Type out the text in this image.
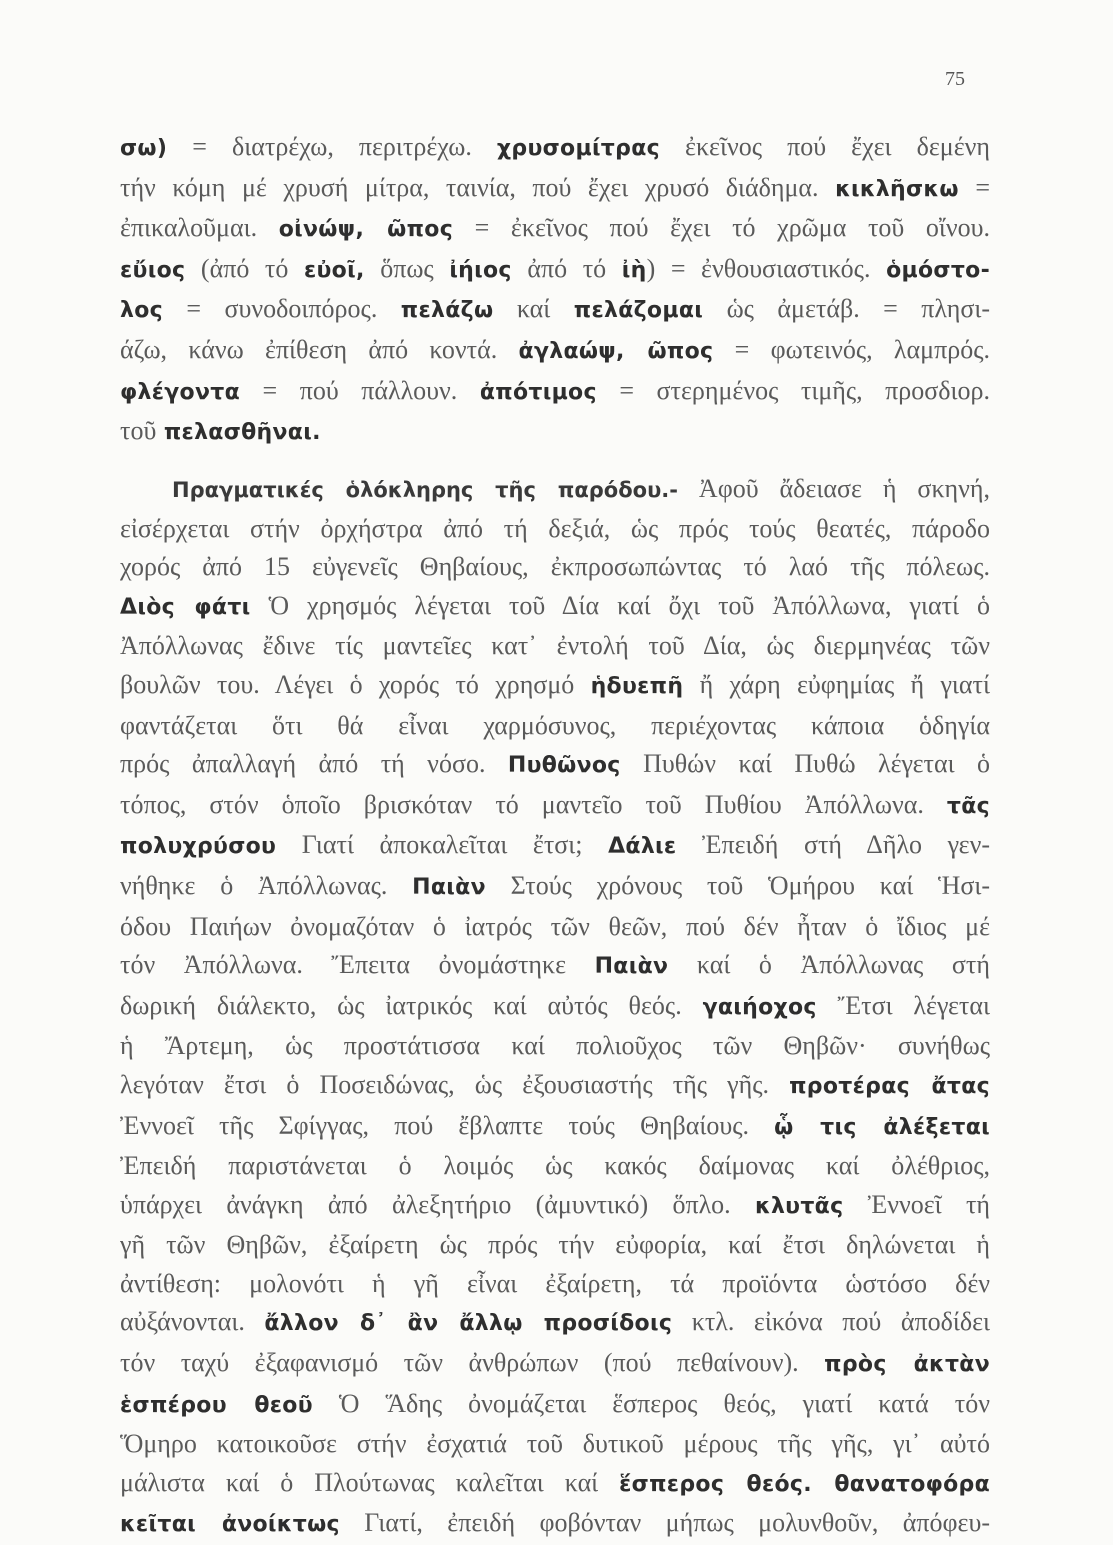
75
σω) = διατρέχω, περιτρέχω. χρυσομίτρας ἐκεῖνος πού ἔχει δεμένη
τήν κόμη μέ χρυσή μίτρα, ταινία, πού ἔχει χρυσό διάδημα. κικλῆσκω =
ἐπικαλοῦμαι. οἰνώψ, ῶπος = ἐκεῖνος πού ἔχει τό χρῶμα τοῦ οἴνου.
εὔιος (ἀπό τό εὐοῖ, ὅπως ἰήιος ἀπό τό ἰὴ) = ἐνθουσιαστικός. ὁμόστο-
λος = συνοδοιπόρος. πελάζω καί πελάζομαι ὡς ἀμετάβ. = πλησι-
άζω, κάνω ἐπίθεση ἀπό κοντά. ἀγλαώψ, ῶπος = φωτεινός, λαμπρός.
φλέγοντα = πού πάλλουν. ἀπότιμος = στερημένος τιμῆς, προσδιορ.
τοῦ πελασθῆναι.
Πραγματικές ὁλόκληρης τῆς παρόδου.- Ἀφοῦ ἄδειασε ἡ σκηνή,
εἰσέρχεται στήν ὀρχήστρα ἀπό τή δεξιά, ὡς πρός τούς θεατές, πάροδο
χορός ἀπό 15 εὐγενεῖς Θηβαίους, ἐκπροσωπώντας τό λαό τῆς πόλεως.
Διὸς φάτι Ὁ χρησμός λέγεται τοῦ Δία καί ὄχι τοῦ Ἀπόλλωνα, γιατί ὁ
Ἀπόλλωνας ἔδινε τίς μαντεῖες κατ᾿ ἐντολή τοῦ Δία, ὡς διερμηνέας τῶν
βουλῶν του. Λέγει ὁ χορός τό χρησμό ἡδυεπῆ ἤ χάρη εὐφημίας ἤ γιατί
φαντάζεται ὅτι θά εἶναι χαρμόσυνος, περιέχοντας κάποια ὁδηγία
πρός ἀπαλλαγή ἀπό τή νόσο. Πυθῶνος Πυθών καί Πυθώ λέγεται ὁ
τόπος, στόν ὁποῖο βρισκόταν τό μαντεῖο τοῦ Πυθίου Ἀπόλλωνα. τᾶς
πολυχρύσου Γιατί ἀποκαλεῖται ἔτσι; Δάλιε Ἐπειδή στή Δῆλο γεν-
νήθηκε ὁ Ἀπόλλωνας. Παιὰν Στούς χρόνους τοῦ Ὁμήρου καί Ἡσι-
όδου Παιήων ὀνομαζόταν ὁ ἰατρός τῶν θεῶν, πού δέν ἦταν ὁ ἴδιος μέ
τόν Ἀπόλλωνα. Ἔπειτα ὀνομάστηκε Παιὰν καί ὁ Ἀπόλλωνας στή
δωρική διάλεκτο, ὡς ἰατρικός καί αὐτός θεός. γαιήοχος Ἔτσι λέγεται
ἡ Ἄρτεμη, ὡς προστάτισσα καί πολιοῦχος τῶν Θηβῶν· συνήθως
λεγόταν ἔτσι ὁ Ποσειδώνας, ὡς ἐξουσιαστής τῆς γῆς. προτέρας ἄτας
Ἐννοεῖ τῆς Σφίγγας, πού ἔβλαπτε τούς Θηβαίους. ᾧ τις ἀλέξεται
Ἐπειδή παριστάνεται ὁ λοιμός ὡς κακός δαίμονας καί ὀλέθριος,
ὑπάρχει ἀνάγκη ἀπό ἀλεξητήριο (ἀμυντικό) ὅπλο. κλυτᾶς Ἐννοεῖ τή
γῆ τῶν Θηβῶν, ἐξαίρετη ὡς πρός τήν εὐφορία, καί ἔτσι δηλώνεται ἡ
ἀντίθεση: μολονότι ἡ γῆ εἶναι ἐξαίρετη, τά προϊόντα ὡστόσο δέν
αὐξάνονται. ἄλλον δ᾿ ἂν ἄλλῳ προσίδοις κτλ. εἰκόνα πού ἀποδίδει
τόν ταχύ ἐξαφανισμό τῶν ἀνθρώπων (πού πεθαίνουν). πρὸς ἀκτὰν
ἑσπέρου θεοῦ Ὁ Ἅδης ὀνομάζεται ἕσπερος θεός, γιατί κατά τόν
Ὅμηρο κατοικοῦσε στήν ἐσχατιά τοῦ δυτικοῦ μέρους τῆς γῆς, γι᾿ αὐτό
μάλιστα καί ὁ Πλούτωνας καλεῖται καί ἕσπερος θεός. θανατοφόρα
κεῖται ἀνοίκτως Γιατί, ἐπειδή φοβόνταν μήπως μολυνθοῦν, ἀπόφευ-
